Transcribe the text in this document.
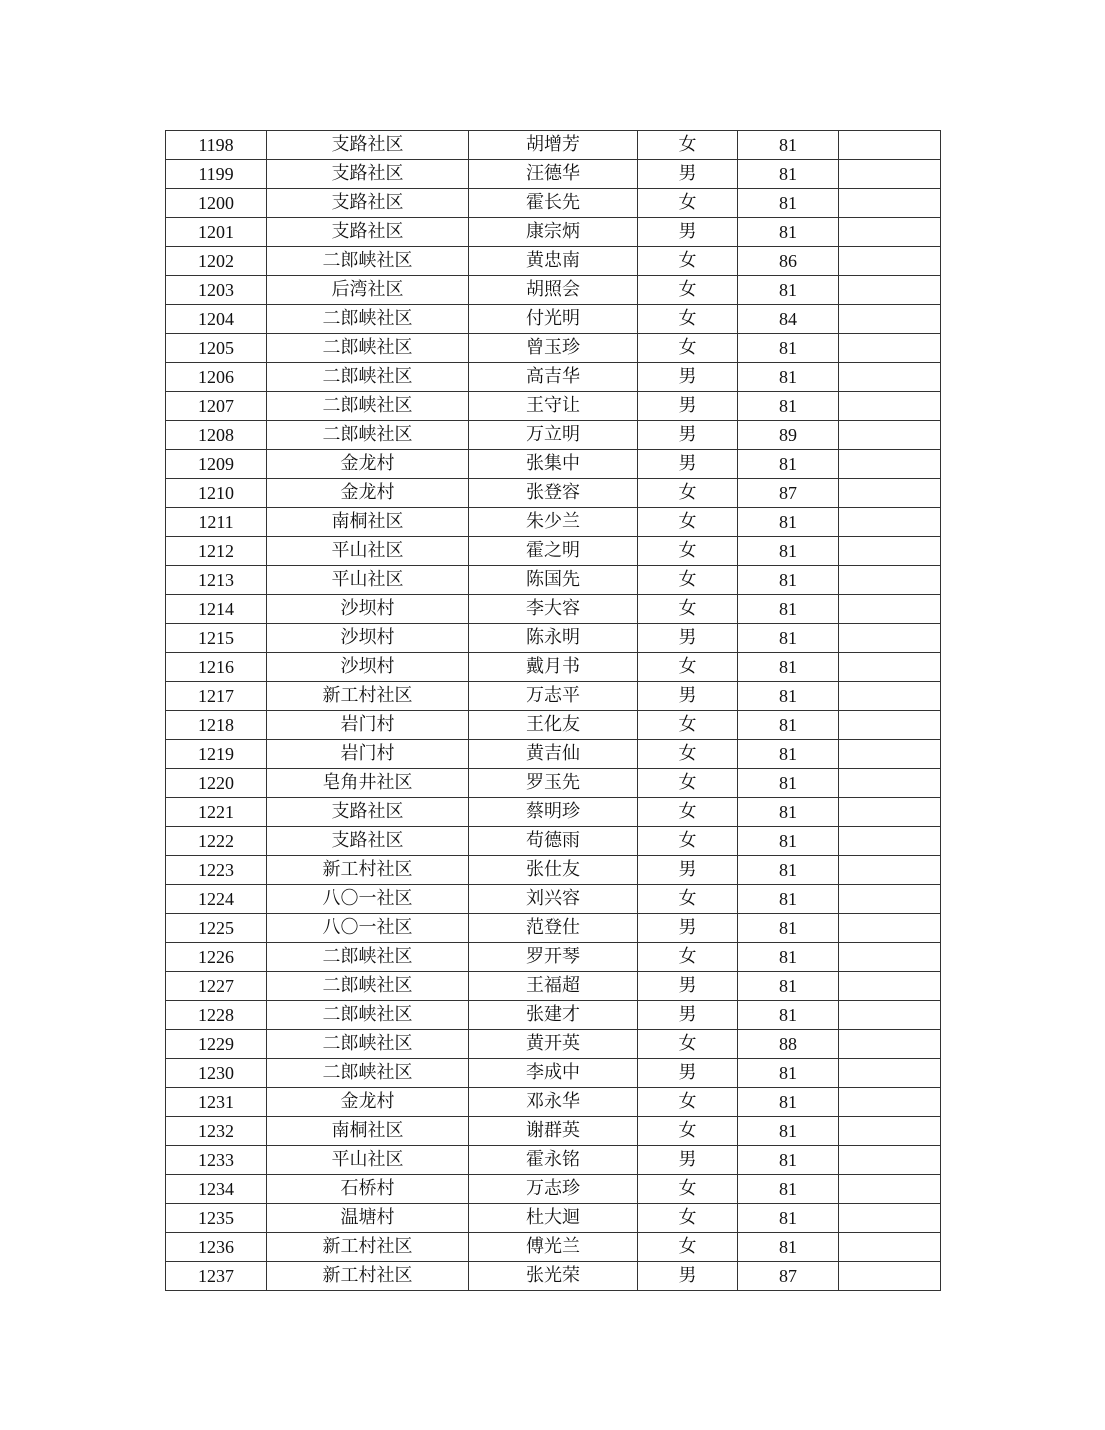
1198	支路社区	胡增芳	女	81	
1199	支路社区	汪德华	男	81	
1200	支路社区	霍长先	女	81	
1201	支路社区	康宗炳	男	81	
1202	二郎峡社区	黄忠南	女	86	
1203	后湾社区	胡照会	女	81	
1204	二郎峡社区	付光明	女	84	
1205	二郎峡社区	曾玉珍	女	81	
1206	二郎峡社区	高吉华	男	81	
1207	二郎峡社区	王守让	男	81	
1208	二郎峡社区	万立明	男	89	
1209	金龙村	张集中	男	81	
1210	金龙村	张登容	女	87	
1211	南桐社区	朱少兰	女	81	
1212	平山社区	霍之明	女	81	
1213	平山社区	陈国先	女	81	
1214	沙坝村	李大容	女	81	
1215	沙坝村	陈永明	男	81	
1216	沙坝村	戴月书	女	81	
1217	新工村社区	万志平	男	81	
1218	岩门村	王化友	女	81	
1219	岩门村	黄吉仙	女	81	
1220	皂角井社区	罗玉先	女	81	
1221	支路社区	蔡明珍	女	81	
1222	支路社区	苟德雨	女	81	
1223	新工村社区	张仕友	男	81	
1224	八〇一社区	刘兴容	女	81	
1225	八〇一社区	范登仕	男	81	
1226	二郎峡社区	罗开琴	女	81	
1227	二郎峡社区	王福超	男	81	
1228	二郎峡社区	张建才	男	81	
1229	二郎峡社区	黄开英	女	88	
1230	二郎峡社区	李成中	男	81	
1231	金龙村	邓永华	女	81	
1232	南桐社区	谢群英	女	81	
1233	平山社区	霍永铭	男	81	
1234	石桥村	万志珍	女	81	
1235	温塘村	杜大迴	女	81	
1236	新工村社区	傅光兰	女	81	
1237	新工村社区	张光荣	男	87	
